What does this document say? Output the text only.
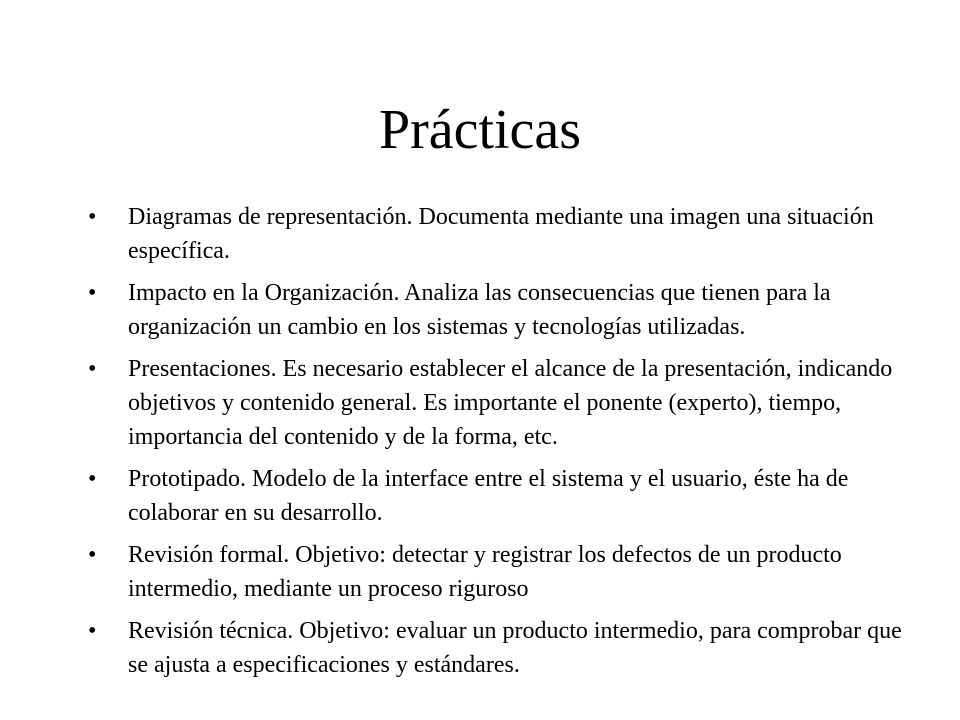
Prácticas
•	Diagramas de representación. Documenta mediante una imagen una situación específica.
•	Impacto en la Organización. Analiza las consecuencias que tienen para la organización un cambio en los sistemas y tecnologías utilizadas.
•	Presentaciones. Es necesario establecer el alcance de la presentación, indicando objetivos y contenido general. Es importante el ponente (experto), tiempo, importancia del contenido y de la forma, etc.
•	Prototipado. Modelo de la interface entre el sistema y el usuario, éste ha de colaborar en su desarrollo.
•	Revisión formal. Objetivo: detectar y registrar los defectos de un producto intermedio, mediante un proceso riguroso
•	Revisión técnica. Objetivo: evaluar un producto intermedio, para comprobar que se ajusta a especificaciones y estándares.
